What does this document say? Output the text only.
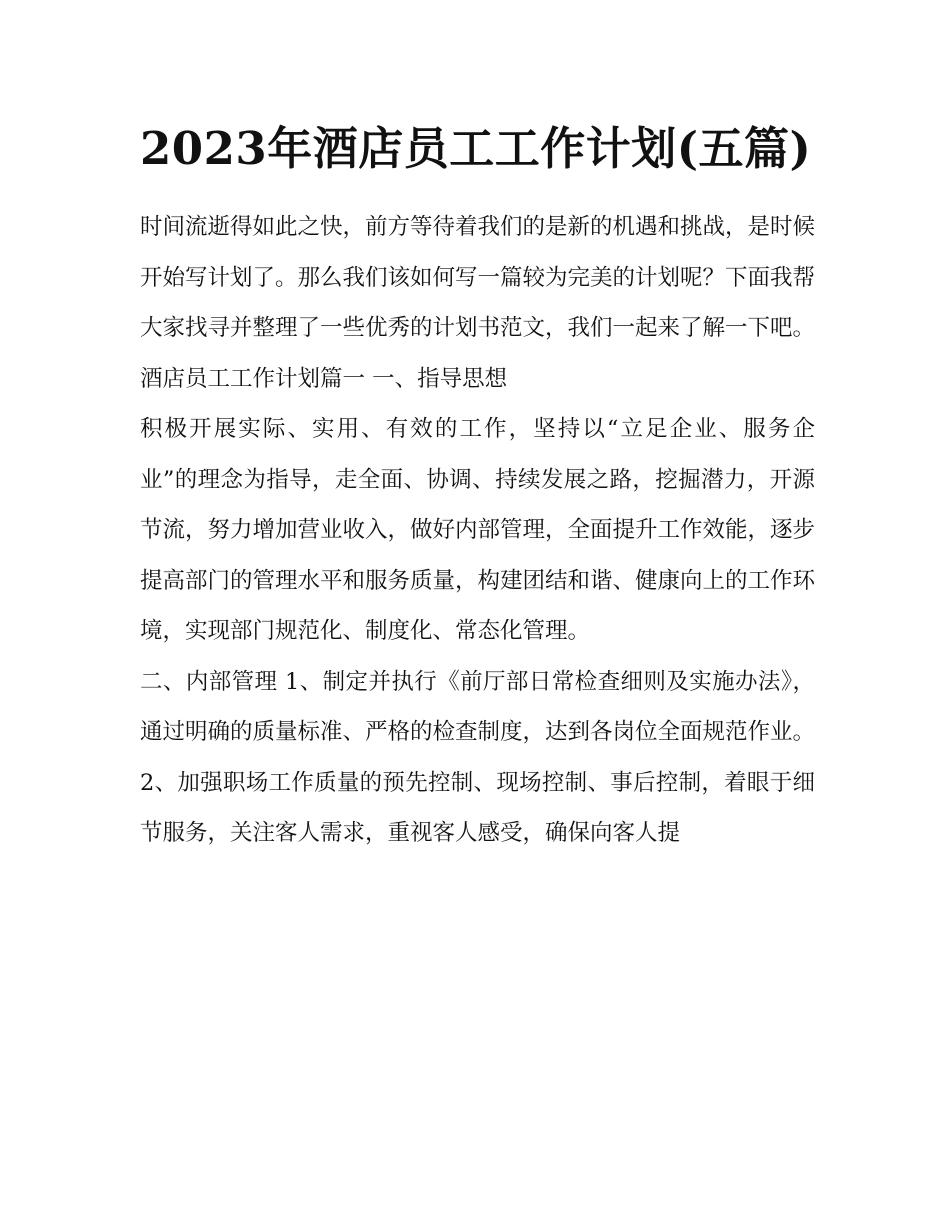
2023年酒店员工工作计划(五篇)

时间流逝得如此之快，前方等待着我们的是新的机遇和挑战，是时候开始写计划了。那么我们该如何写一篇较为完美的计划呢？下面我帮大家找寻并整理了一些优秀的计划书范文，我们一起来了解一下吧。

酒店员工工作计划篇一 一、指导思想

积极开展实际、实用、有效的工作，坚持以“立足企业、服务企业”的理念为指导，走全面、协调、持续发展之路，挖掘潜力，开源节流，努力增加营业收入，做好内部管理，全面提升工作效能，逐步提高部门的管理水平和服务质量，构建团结和谐、健康向上的工作环境，实现部门规范化、制度化、常态化管理。

二、内部管理 1、制定并执行《前厅部日常检查细则及实施办法》，通过明确的质量标准、严格的检查制度，达到各岗位全面规范作业。

2、加强职场工作质量的预先控制、现场控制、事后控制，着眼于细节服务，关注客人需求，重视客人感受，确保向客人提
